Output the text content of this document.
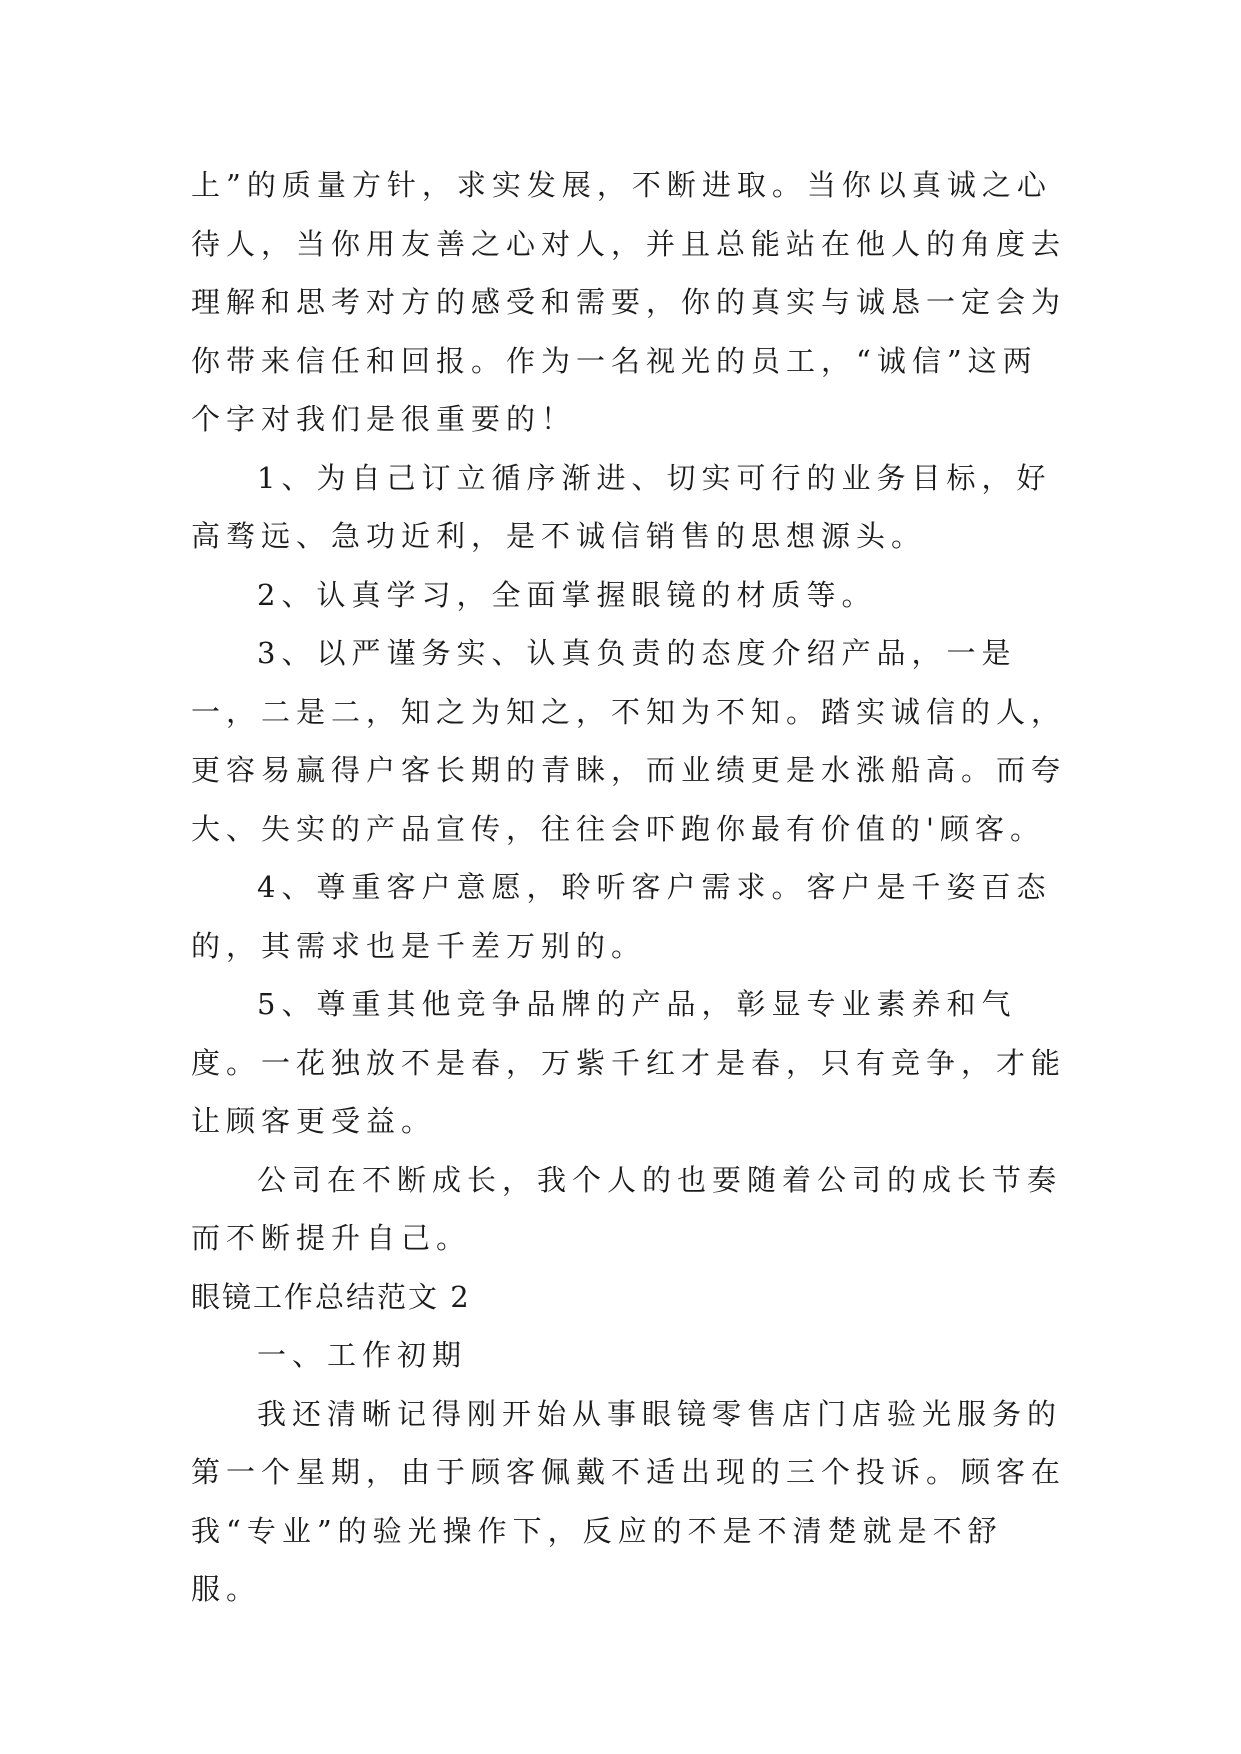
上”的质量方针，求实发展，不断进取。当你以真诚之心待人，当你用友善之心对人，并且总能站在他人的角度去理解和思考对方的感受和需要，你的真实与诚恳一定会为你带来信任和回报。作为一名视光的员工，“诚信”这两个字对我们是很重要的！

1、为自己订立循序渐进、切实可行的业务目标，好高骛远、急功近利，是不诚信销售的思想源头。

2、认真学习，全面掌握眼镜的材质等。

3、以严谨务实、认真负责的态度介绍产品，一是一，二是二，知之为知之，不知为不知。踏实诚信的人，更容易赢得户客长期的青睐，而业绩更是水涨船高。而夸大、失实的产品宣传，往往会吓跑你最有价值的'顾客。

4、尊重客户意愿，聆听客户需求。客户是千姿百态的，其需求也是千差万别的。

5、尊重其他竞争品牌的产品，彰显专业素养和气度。一花独放不是春，万紫千红才是春，只有竞争，才能让顾客更受益。

公司在不断成长，我个人的也要随着公司的成长节奏而不断提升自己。

眼镜工作总结范文 2

一、工作初期

我还清晰记得刚开始从事眼镜零售店门店验光服务的第一个星期，由于顾客佩戴不适出现的三个投诉。顾客在我“专业”的验光操作下，反应的不是不清楚就是不舒服。
